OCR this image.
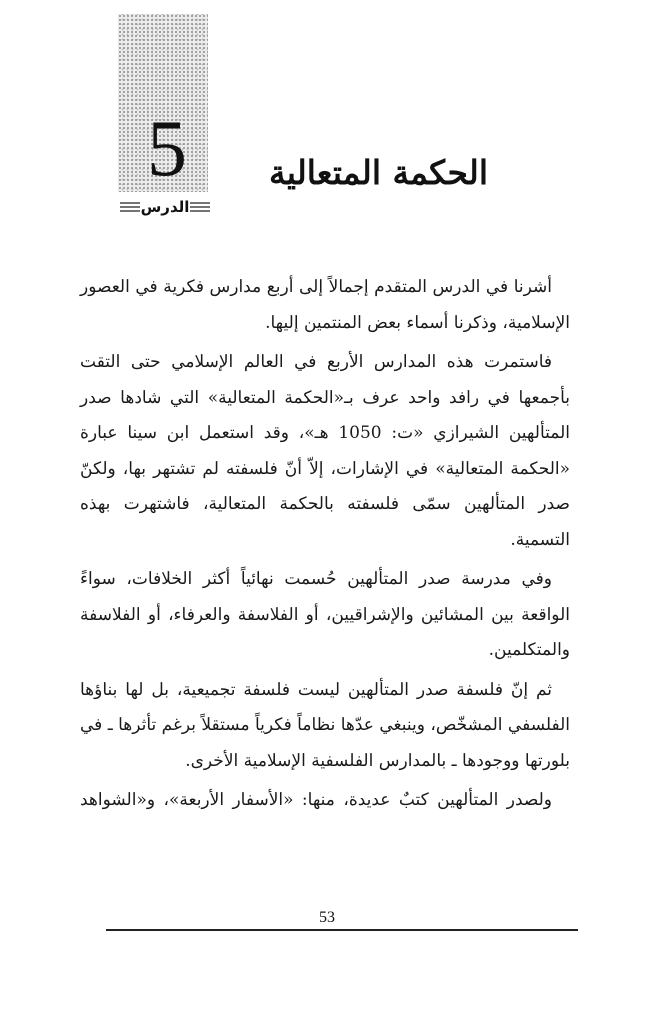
5
الدرس
الحكمة المتعالية

أشرنا في الدرس المتقدم إجمالاً إلى أربع مدارس فكرية في العصور الإسلامية، وذكرنا أسماء بعض المنتمين إليها.

فاستمرت هذه المدارس الأربع في العالم الإسلامي حتى التقت بأجمعها في رافد واحد عرف بـ«الحكمة المتعالية» التي شادها صدر المتألهين الشيرازي «ت: 1050 هـ»، وقد استعمل ابن سينا عبارة «الحكمة المتعالية» في الإشارات، إلاّ أنّ فلسفته لم تشتهر بها، ولكنّ صدر المتألهين سمّى فلسفته بالحكمة المتعالية، فاشتهرت بهذه التسمية.

وفي مدرسة صدر المتألهين حُسمت نهائياً أكثر الخلافات، سواءً الواقعة بين المشائين والإشراقيين، أو الفلاسفة والعرفاء، أو الفلاسفة والمتكلمين.

ثم إنّ فلسفة صدر المتألهين ليست فلسفة تجميعية، بل لها بناؤها الفلسفي المشخّص، وينبغي عدّها نظاماً فكرياً مستقلاً برغم تأثرها ـ في بلورتها ووجودها ـ بالمدارس الفلسفية الإسلامية الأخرى.

ولصدر المتألهين كتبٌ عديدة، منها: «الأسفار الأربعة»، و«الشواهد

53
